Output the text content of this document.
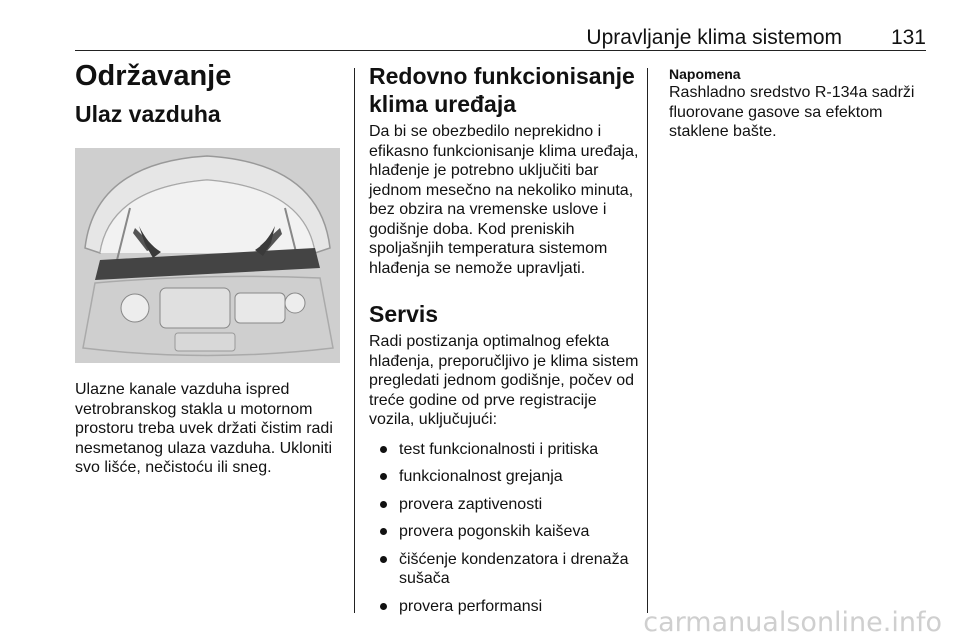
Upravljanje klima sistemom 131
Održavanje
Ulaz vazduha

Ulazne kanale vazduha ispred vetrobranskog stakla u motornom prostoru treba uvek držati čistim radi nesmetanog ulaza vazduha. Ukloniti svo lišće, nečistoću ili sneg.

Redovno funkcionisanje klima uređaja

Da bi se obezbedilo neprekidno i efikasno funkcionisanje klima uređaja, hlađenje je potrebno uključiti bar jednom mesečno na nekoliko minuta, bez obzira na vremenske uslove i godišnje doba. Kod preniskih spoljašnjih temperatura sistemom hlađenja se nemože upravljati.

Servis

Radi postizanja optimalnog efekta hlađenja, preporučljivo je klima sistem pregledati jednom godišnje, počev od treće godine od prve registracije vozila, uključujući:

test funkcionalnosti i pritiska
funkcionalnost grejanja
provera zaptivenosti
provera pogonskih kaiševa
čišćenje kondenzatora i drenaža sušača
provera performansi

Napomena

Rashladno sredstvo R-134a sadrži fluorovane gasove sa efektom staklene bašte.

carmanualsonline.info
